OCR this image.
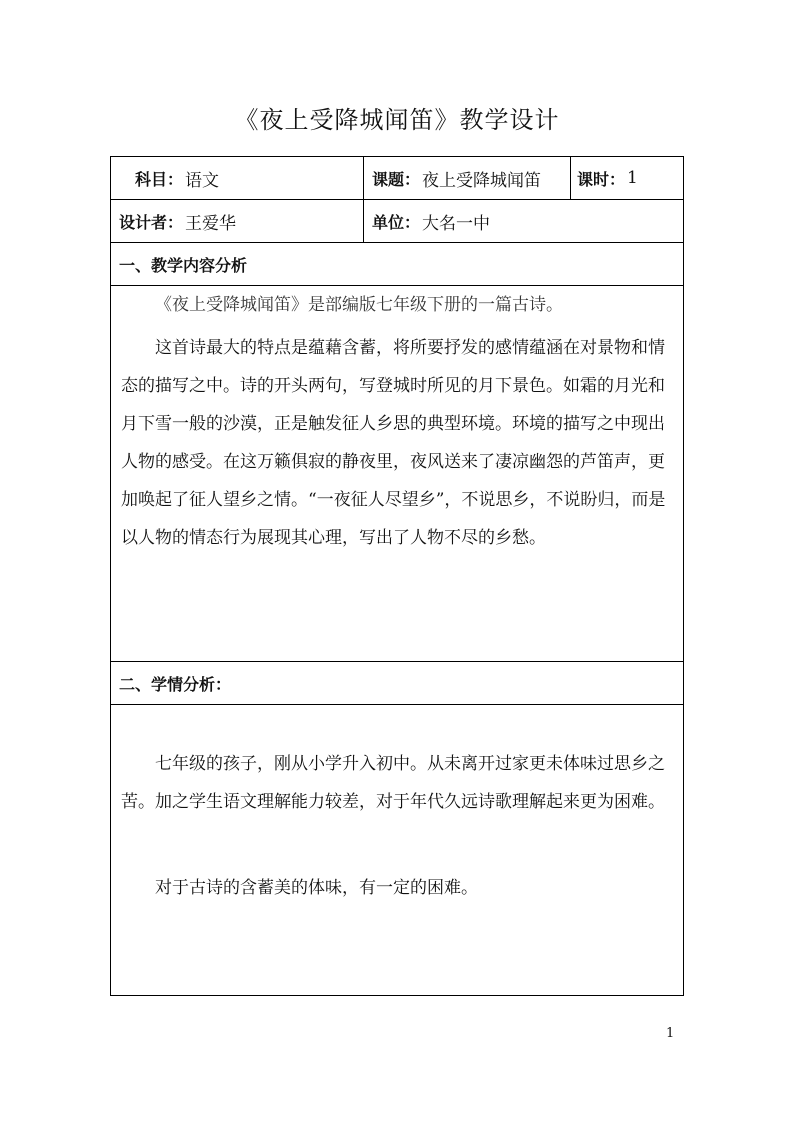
《夜上受降城闻笛》教学设计
科目 ： 语文	课题 ： 夜上受降城闻笛 课时 ： 1
设计者 ： 王爱华	单位 ： 大名一中
一、教学内容分析
《夜上受降城闻笛》是部编版七年级下册的一篇古诗。
这首诗最大的特点是蕴藉含蓄，将所要抒发的感情蕴涵在对景物和情态的描写之中。诗的开头两句，写登城时所见的月下景色。如霜的月光和月下雪一般的沙漠，正是触发征人乡思的典型环境。环境的描写之中现出人物的感受。在这万籁俱寂的静夜里，夜风送来了凄凉幽怨的芦笛声，更加唤起了征人望乡之情。“一夜征人尽望乡”，不说思乡，不说盼归，而是以人物的情态行为展现其心理，写出了人物不尽的乡愁。
二、学情分析：
七年级的孩子，刚从小学升入初中。从未离开过家更未体味过思乡之苦。加之学生语文理解能力较差，对于年代久远诗歌理解起来更为困难。
对于古诗的含蓄美的体味，有一定的困难。
1
